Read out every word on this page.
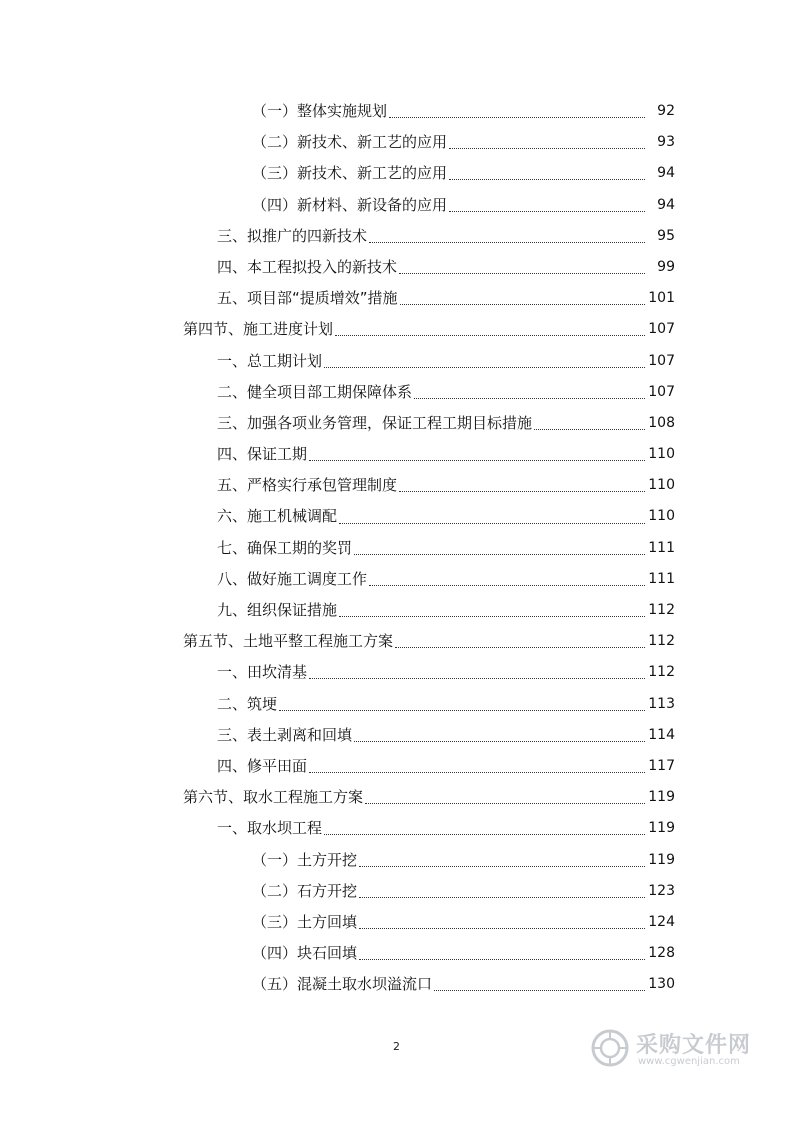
（一）整体实施规划	92
（二）新技术、新工艺的应用	93
（三）新技术、新工艺的应用	94
（四）新材料、新设备的应用	94
三、拟推广的四新技术	95
四、本工程拟投入的新技术	99
五、项目部“提质增效”措施	101
第四节、施工进度计划	107
一、总工期计划	107
二、健全项目部工期保障体系	107
三、加强各项业务管理，保证工程工期目标措施	108
四、保证工期	110
五、严格实行承包管理制度	110
六、施工机械调配	110
七、确保工期的奖罚	111
八、做好施工调度工作	111
九、组织保证措施	112
第五节、土地平整工程施工方案	112
一、田坎清基	112
二、筑埂	113
三、表土剥离和回填	114
四、修平田面	117
第六节、取水工程施工方案	119
一、取水坝工程	119
（一）土方开挖	119
（二）石方开挖	123
（三）土方回填	124
（四）块石回填	128
（五）混凝土取水坝溢流口	130
2	采购文件网
www.cgwenjian.com
